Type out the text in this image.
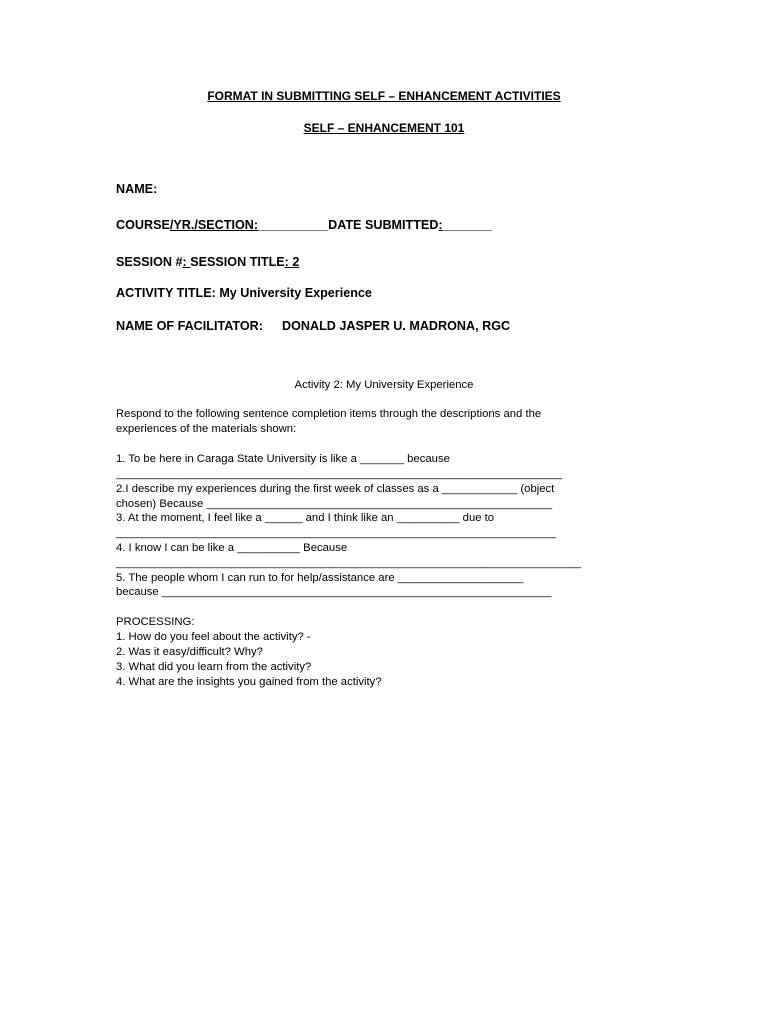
FORMAT IN SUBMITTING SELF – ENHANCEMENT ACTIVITIES
SELF – ENHANCEMENT 101
NAME:
COURSE/YR./SECTION:__________DATE SUBMITTED:_______
SESSION #: SESSION TITLE: 2
ACTIVITY TITLE: My University Experience
NAME OF FACILITATOR: DONALD JASPER U. MADRONA, RGC
Activity 2: My University Experience
Respond to the following sentence completion items through the descriptions and the
experiences of the materials shown:
1. To be here in Caraga State University is like a _______ because
_______________________________________________________________________
2.I describe my experiences during the first week of classes as a ____________ (object
chosen) Because _______________________________________________________
3. At the moment, I feel like a ______ and I think like an __________ due to
______________________________________________________________________
4. I know I can be like a __________ Because
__________________________________________________________________________
5. The people whom I can run to for help/assistance are ____________________
because ______________________________________________________________
PROCESSING:
1. How do you feel about the activity? -
2. Was it easy/difficult? Why?
3. What did you learn from the activity?
4. What are the insights you gained from the activity?
